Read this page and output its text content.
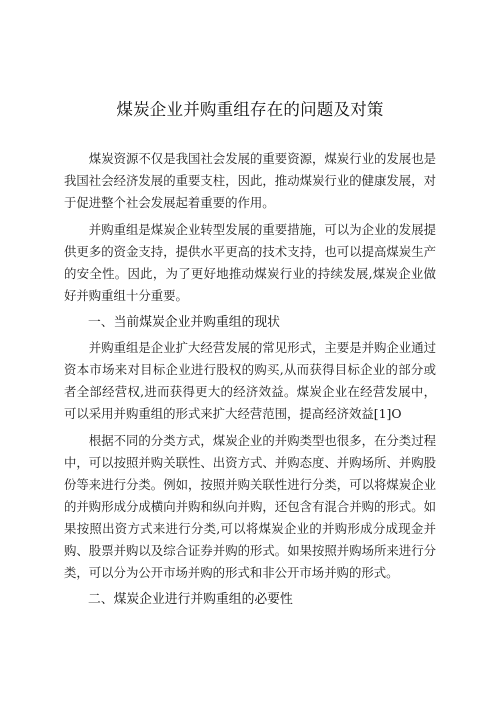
煤炭企业并购重组存在的问题及对策

煤炭资源不仅是我国社会发展的重要资源，煤炭行业的发展也是我国社会经济发展的重要支柱，因此，推动煤炭行业的健康发展，对于促进整个社会发展起着重要的作用。

并购重组是煤炭企业转型发展的重要措施，可以为企业的发展提供更多的资金支持，提供水平更高的技术支持，也可以提高煤炭生产的安全性。因此，为了更好地推动煤炭行业的持续发展,煤炭企业做好并购重组十分重要。

一、当前煤炭企业并购重组的现状

并购重组是企业扩大经营发展的常见形式，主要是并购企业通过资本市场来对目标企业进行股权的购买,从而获得目标企业的部分或者全部经营权,进而获得更大的经济效益。煤炭企业在经营发展中，可以采用并购重组的形式来扩大经营范围，提高经济效益[1]O

根据不同的分类方式，煤炭企业的并购类型也很多，在分类过程中，可以按照并购关联性、出资方式、并购态度、并购场所、并购股份等来进行分类。例如，按照并购关联性进行分类，可以将煤炭企业的并购形成分成横向并购和纵向并购，还包含有混合并购的形式。如果按照出资方式来进行分类,可以将煤炭企业的并购形成分成现金并购、股票并购以及综合证券并购的形式。如果按照并购场所来进行分类，可以分为公开市场并购的形式和非公开市场并购的形式。

二、煤炭企业进行并购重组的必要性
